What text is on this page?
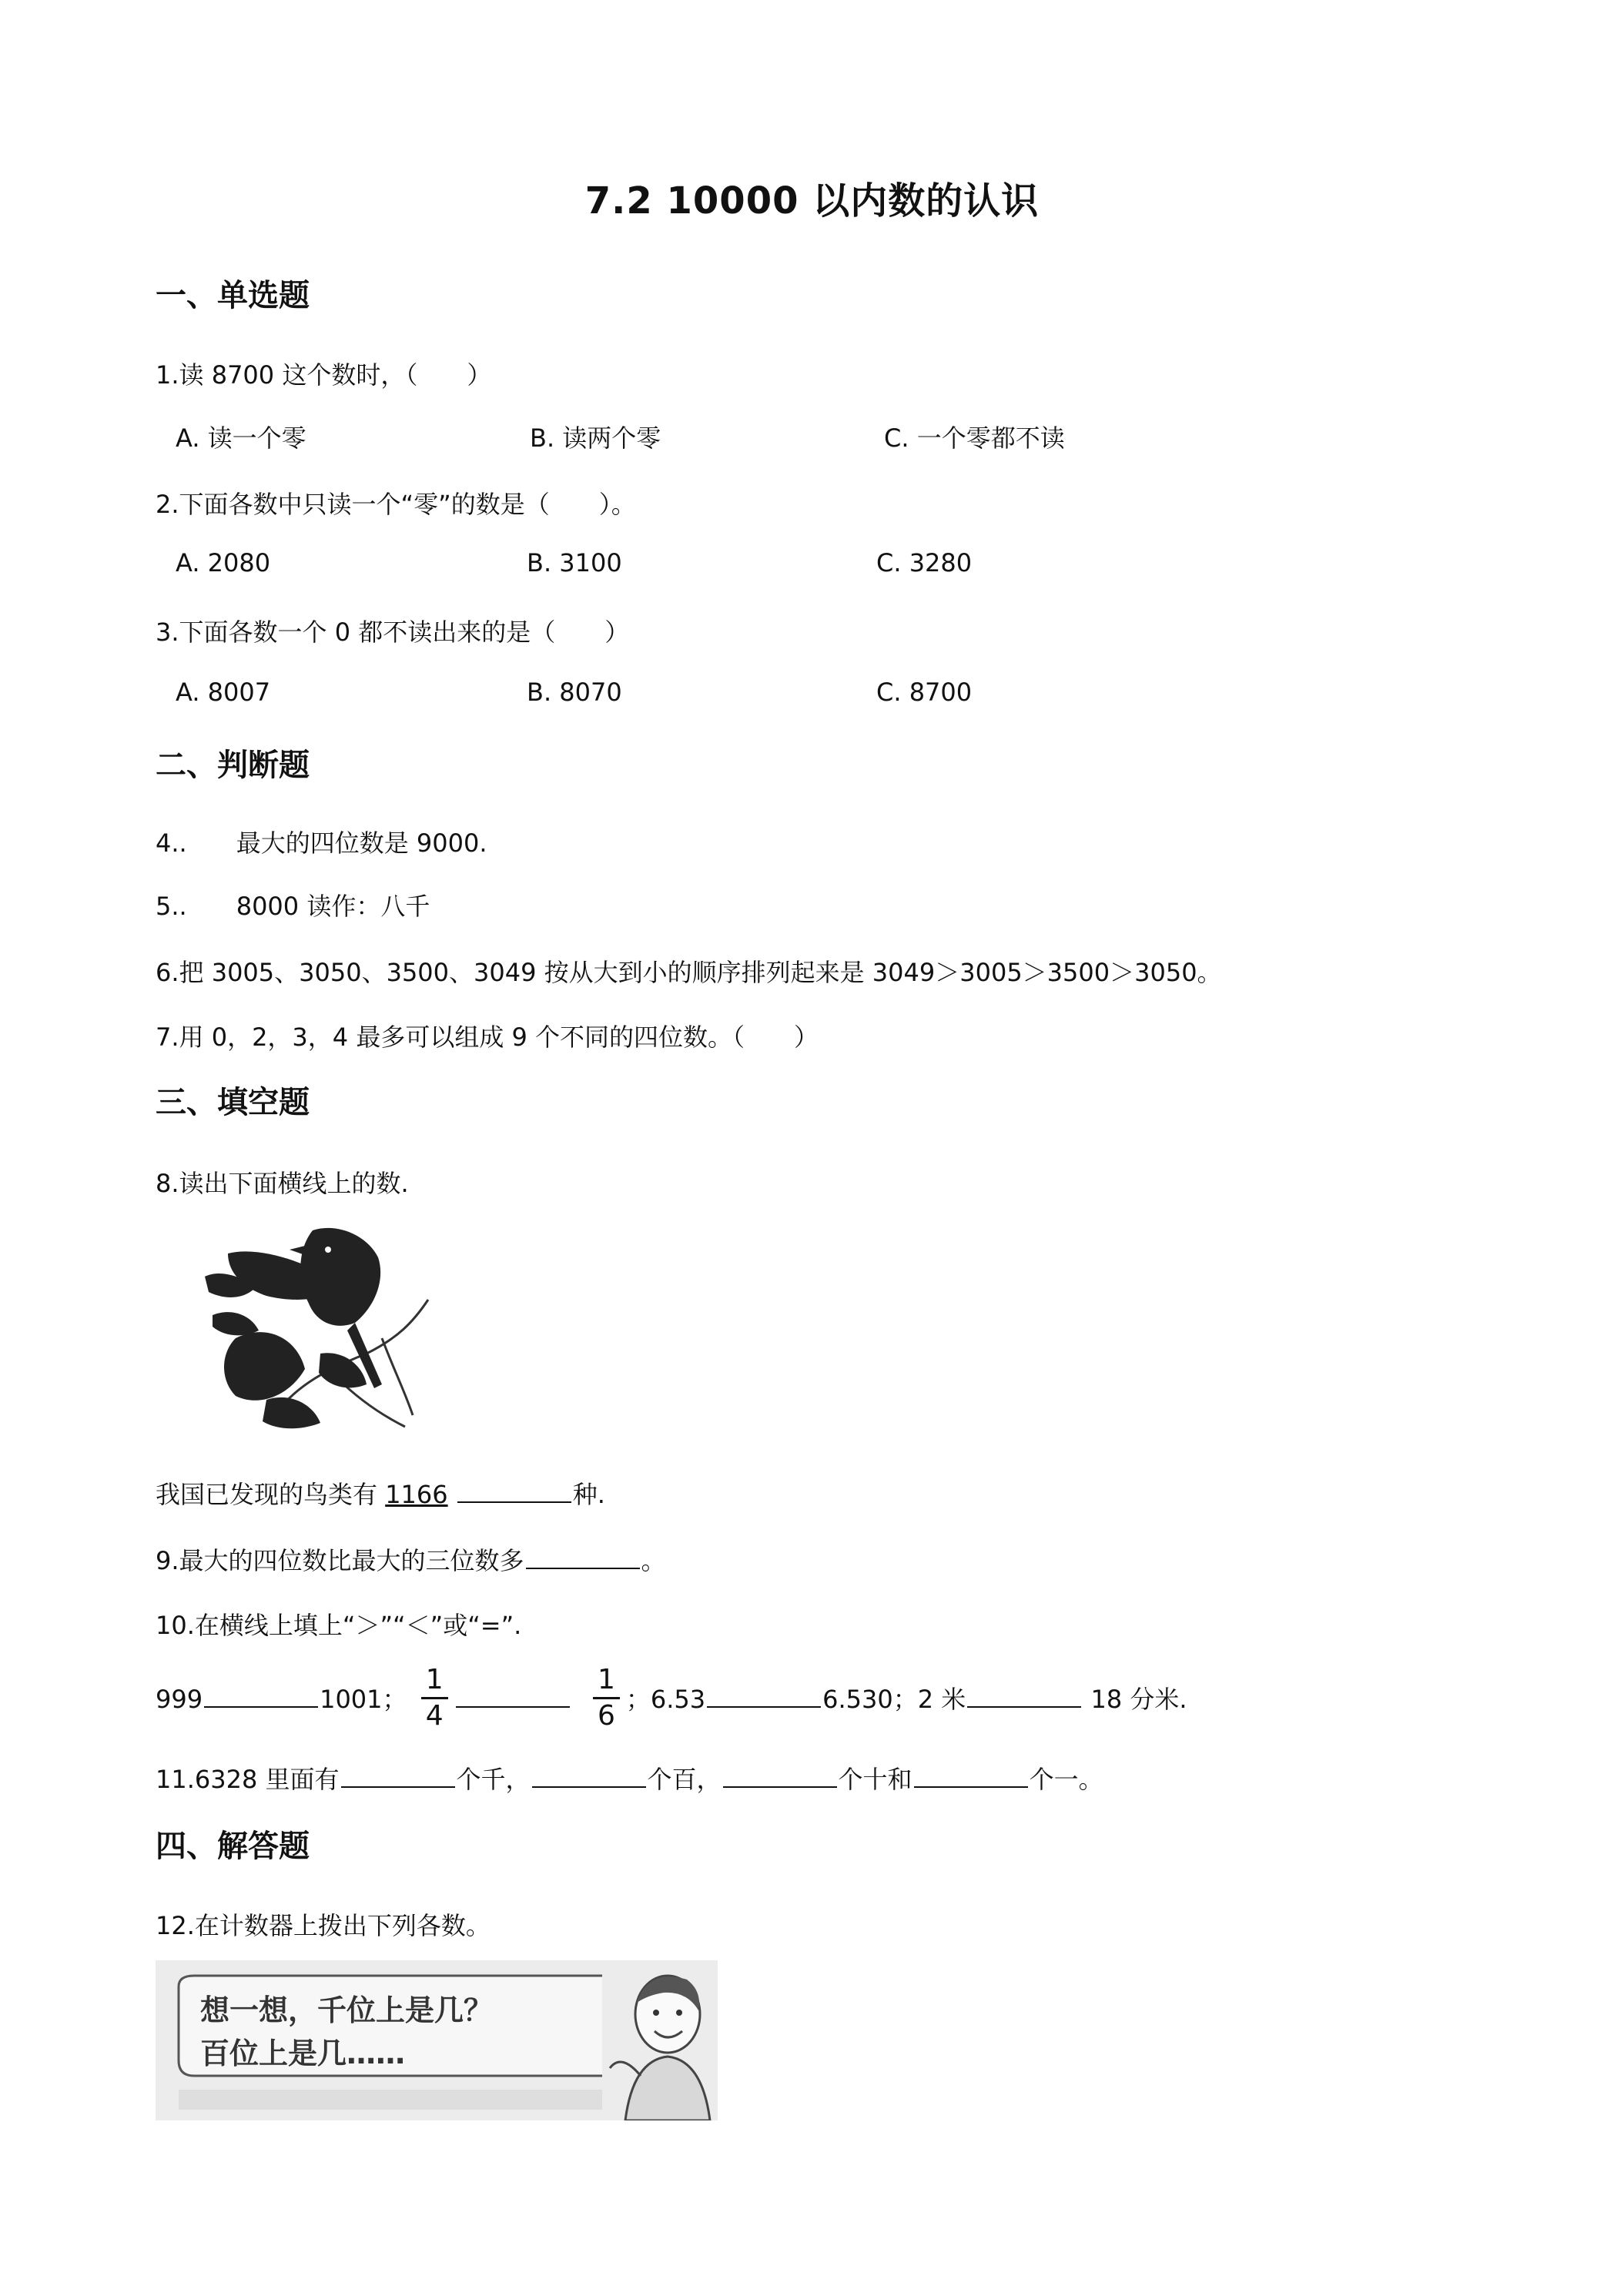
7.2 10000 以内数的认识
一、单选题
1.读 8700 这个数时，（　　）
A. 读一个零	B. 读两个零	C. 一个零都不读
2.下面各数中只读一个“零”的数是（　　）。
A. 2080	B. 3100	C. 3280
3.下面各数一个 0 都不读出来的是（　　）
A. 8007	B. 8070	C. 8700
二、判断题
4..　　最大的四位数是 9000.
5..　　8000 读作：八千
6.把 3005、3050、3500、3049 按从大到小的顺序排列起来是 3049＞3005＞3500＞3050。
7.用 0，2，3，4 最多可以组成 9 个不同的四位数。（　　）
三、填空题
8.读出下面横线上的数.
我国已发现的鸟类有 1166	种.
9.最大的四位数比最大的三位数多	。
10.在横线上填上“＞”“＜”或“=”.
999	1001； $\frac{1}{4}$
	$\frac{1}{6}$ ；6.53	6.530；2 米	18 分米.
11.6328 里面有	个千，	个百，	个十和	个一。
四、解答题
12.在计数器上拨出下列各数。
想一想，千位上是几？
百位上是几……
